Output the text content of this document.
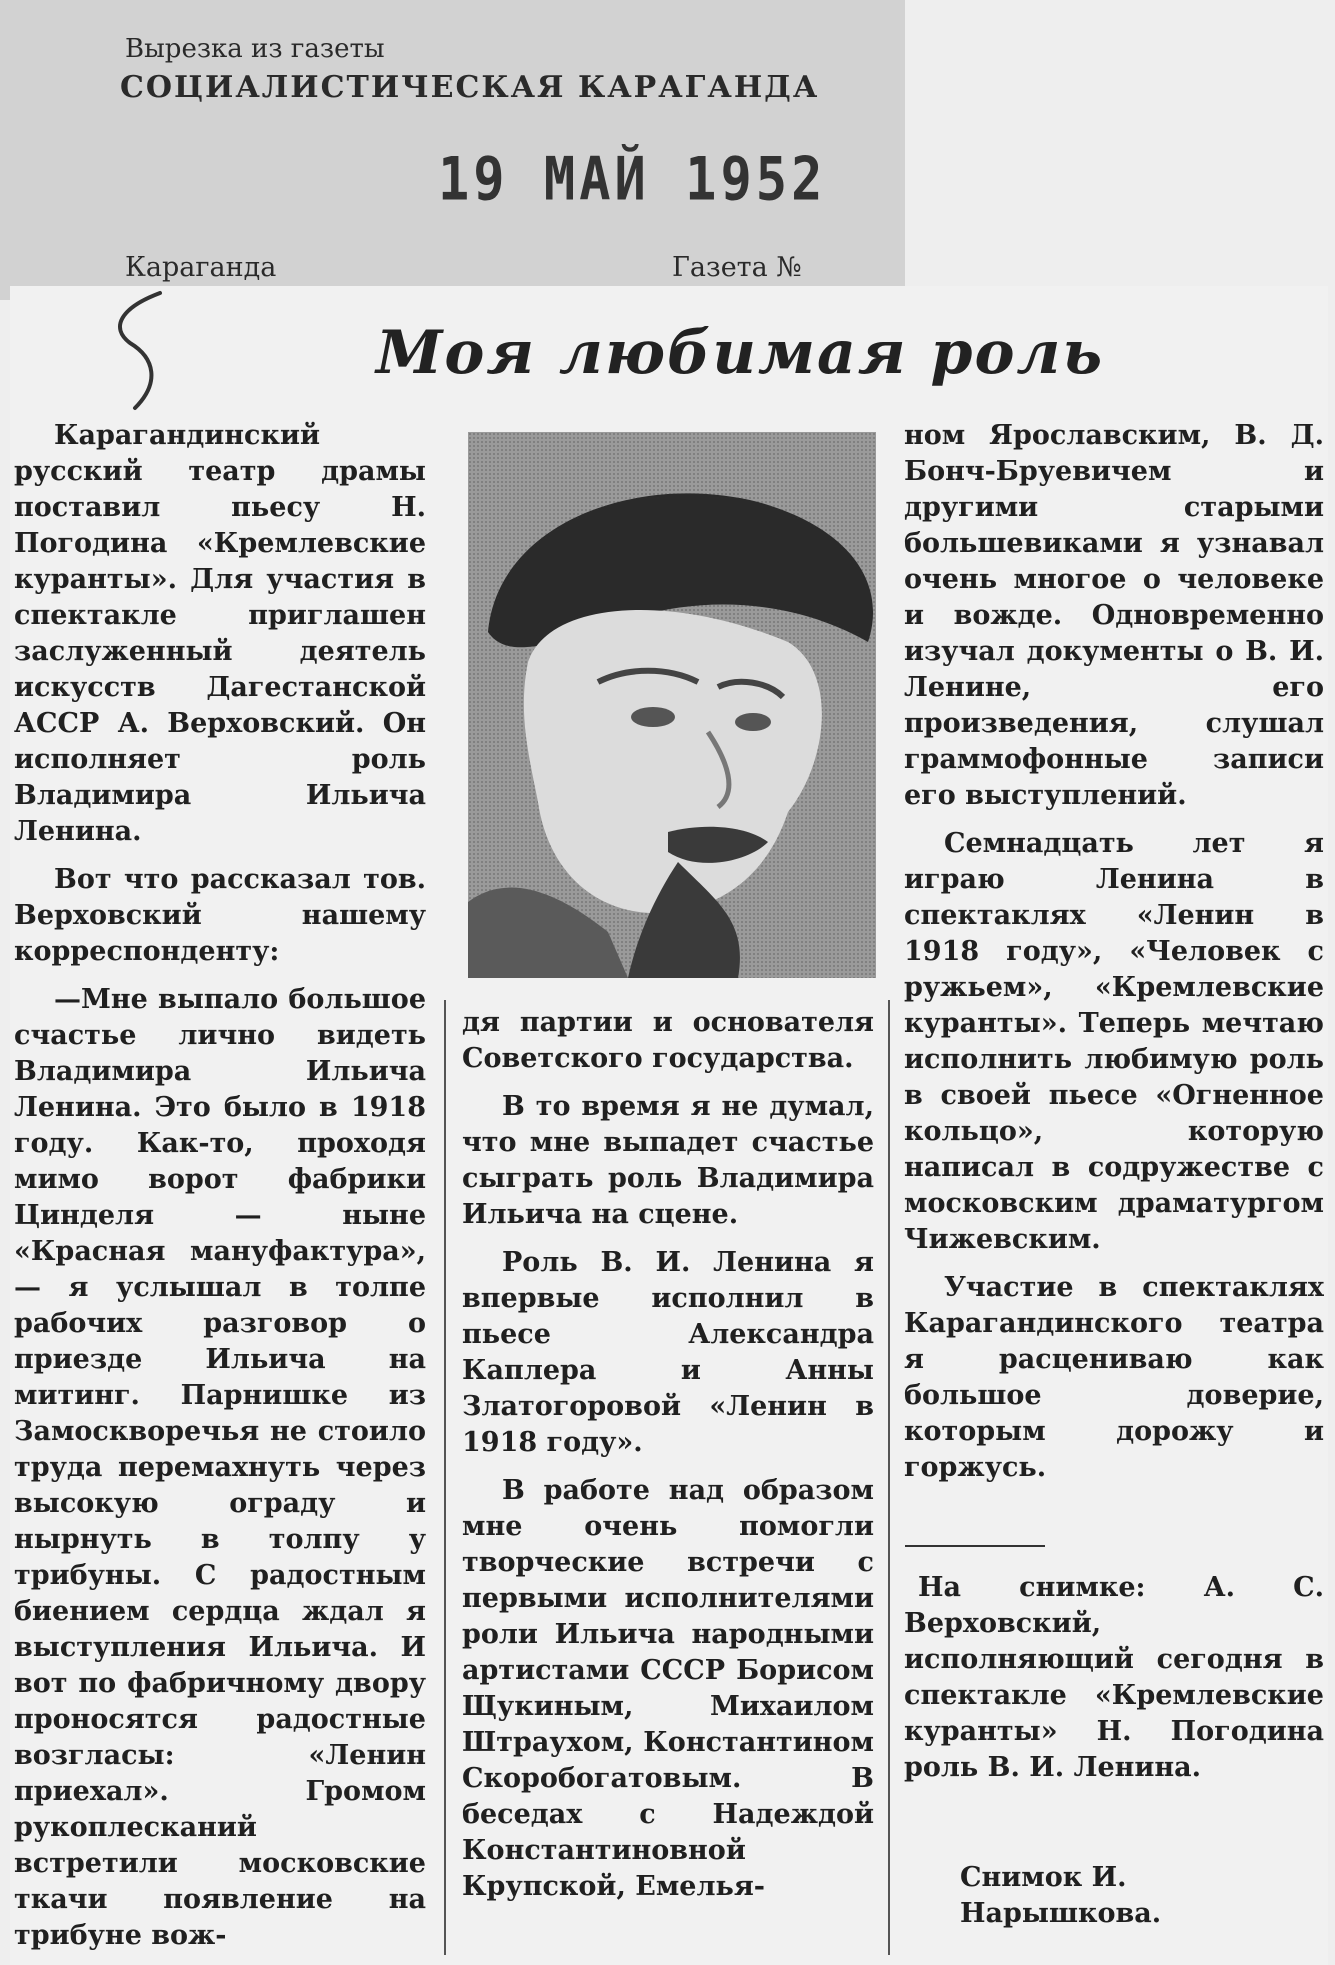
Вырезка из газеты
СОЦИАЛИСТИЧЕСКАЯ КАРАГАНДА
19 МАЙ 1952
Караганда	Газета №
Моя любимая роль

Карагандинский русский театр драмы поставил пьесу Н. Погодина «Кремлевские куранты». Для участия в спектакле приглашен заслуженный деятель искусств Дагестанской АССР А. Верховский. Он исполняет роль Владимира Ильича Ленина.

Вот что рассказал тов. Верховский нашему корреспонденту:

—Мне выпало большое счастье лично видеть Владимира Ильича Ленина. Это было в 1918 году. Как-то, проходя мимо ворот фабрики Цинделя — ныне «Красная мануфактура»,— я услышал в толпе рабочих разговор о приезде Ильича на митинг. Парнишке из Замоскворечья не стоило труда перемахнуть через высокую ограду и нырнуть в толпу у трибуны. С радостным биением сердца ждал я выступления Ильича. И вот по фабричному двору проносятся радостные возгласы: «Ленин приехал». Громом рукоплесканий встретили московские ткачи появление на трибуне вож-

дя партии и основателя Советского государства.

В то время я не думал, что мне выпадет счастье сыграть роль Владимира Ильича на сцене.

Роль В. И. Ленина я впервые исполнил в пьесе Александра Каплера и Анны Златогоровой «Ленин в 1918 году».

В работе над образом мне очень помогли творческие встречи с первыми исполнителями роли Ильича народными артистами СССР Борисом Щукиным, Михаилом Штраухом, Константином Скоробогатовым. В беседах с Надеждой Константиновной Крупской, Емелья-

ном Ярославским, В. Д. Бонч-Бруевичем и другими старыми большевиками я узнавал очень многое о человеке и вожде. Одновременно изучал документы о В. И. Ленине, его произведения, слушал граммофонные записи его выступлений.

Семнадцать лет я играю Ленина в спектаклях «Ленин в 1918 году», «Человек с ружьем», «Кремлевские куранты». Теперь мечтаю исполнить любимую роль в своей пьесе «Огненное кольцо», которую написал в содружестве с московским драматургом Чижевским.

Участие в спектаклях Карагандинского театра я расцениваю как большое доверие, которым дорожу и горжусь.

На снимке: А. С. Верховский, исполняющий сегодня в спектакле «Кремлевские куранты» Н. Погодина роль В. И. Ленина.

Снимок И. Нарышкова.
